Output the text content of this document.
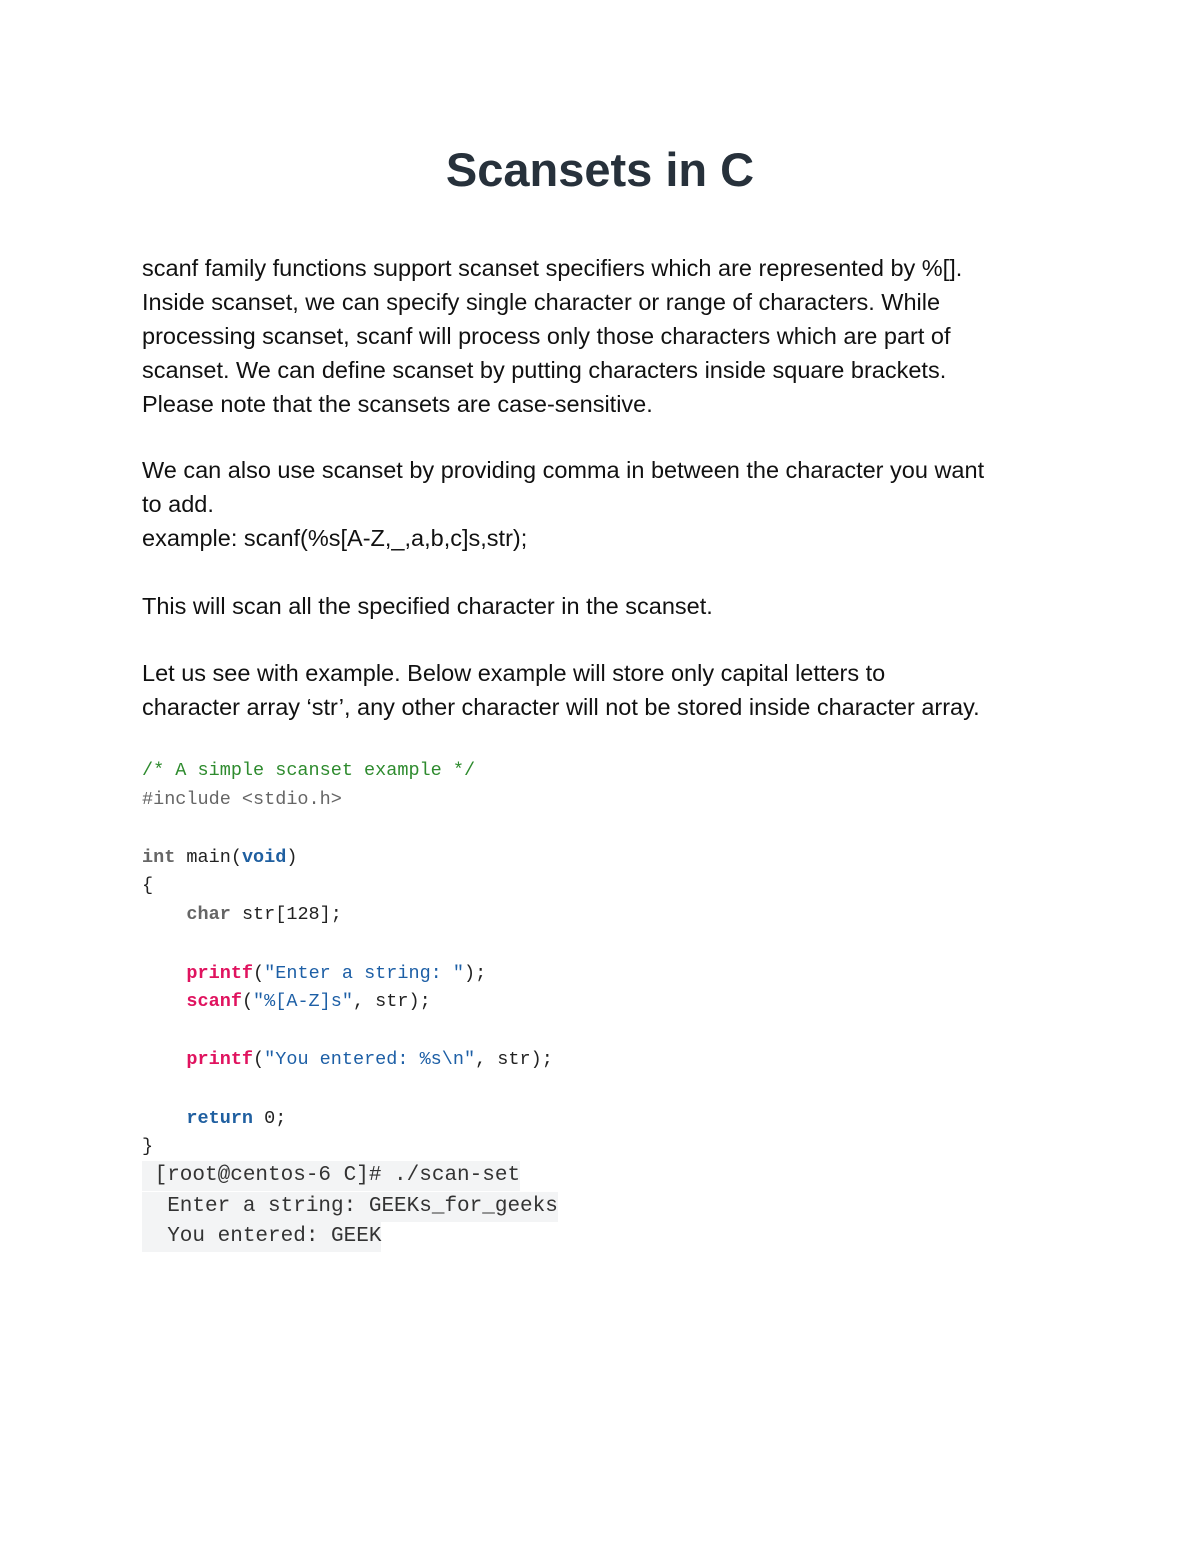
Scansets in C
scanf family functions support scanset specifiers which are represented by %[].
Inside scanset, we can specify single character or range of characters. While
processing scanset, scanf will process only those characters which are part of
scanset. We can define scanset by putting characters inside square brackets.
Please note that the scansets are case-sensitive.
We can also use scanset by providing comma in between the character you want
to add.
example: scanf(%s[A-Z,_,a,b,c]s,str);
This will scan all the specified character in the scanset.
Let us see with example. Below example will store only capital letters to
character array ‘str’, any other character will not be stored inside character array.
/* A simple scanset example */
#include <stdio.h>
int main(void)
{
char str[128];
printf("Enter a string: ");
scanf("%[A-Z]s", str);
printf("You entered: %s\n", str);
return 0;
}
[root@centos-6 C]# ./scan-set
Enter a string: GEEKs_for_geeks
You entered: GEEK
